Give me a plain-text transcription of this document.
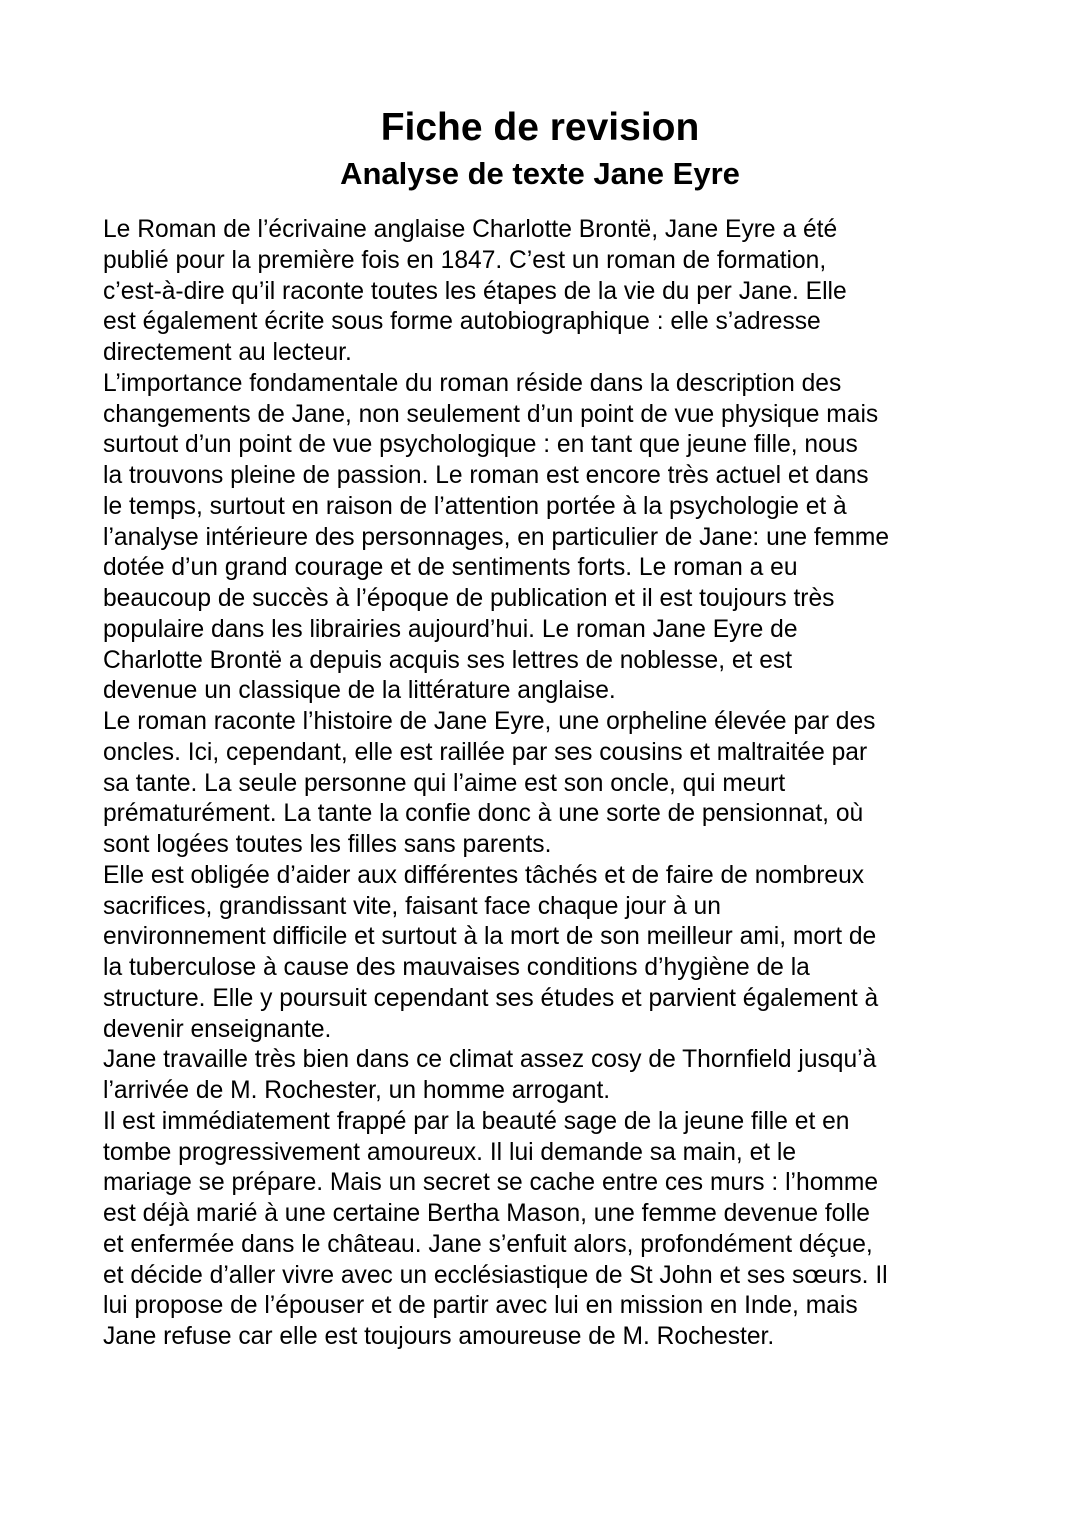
Fiche de revision
Analyse de texte Jane Eyre
Le Roman de l’écrivaine anglaise Charlotte Brontë, Jane Eyre a été
publié pour la première fois en 1847. C’est un roman de formation,
c’est-à-dire qu’il raconte toutes les étapes de la vie du per Jane. Elle
est également écrite sous forme autobiographique : elle s’adresse
directement au lecteur.
L’importance fondamentale du roman réside dans la description des
changements de Jane, non seulement d’un point de vue physique mais
surtout d’un point de vue psychologique : en tant que jeune fille, nous
la trouvons pleine de passion. Le roman est encore très actuel et dans
le temps, surtout en raison de l’attention portée à la psychologie et à
l’analyse intérieure des personnages, en particulier de Jane: une femme
dotée d’un grand courage et de sentiments forts. Le roman a eu
beaucoup de succès à l’époque de publication et il est toujours très
populaire dans les librairies aujourd’hui. Le roman Jane Eyre de
Charlotte Brontë a depuis acquis ses lettres de noblesse, et est
devenue un classique de la littérature anglaise.
Le roman raconte l’histoire de Jane Eyre, une orpheline élevée par des
oncles. Ici, cependant, elle est raillée par ses cousins et maltraitée par
sa tante. La seule personne qui l’aime est son oncle, qui meurt
prématurément. La tante la confie donc à une sorte de pensionnat, où
sont logées toutes les filles sans parents.
Elle est obligée d’aider aux différentes tâchés et de faire de nombreux
sacrifices, grandissant vite, faisant face chaque jour à un
environnement difficile et surtout à la mort de son meilleur ami, mort de
la tuberculose à cause des mauvaises conditions d’hygiène de la
structure. Elle y poursuit cependant ses études et parvient également à
devenir enseignante.
Jane travaille très bien dans ce climat assez cosy de Thornfield jusqu’à
l’arrivée de M. Rochester, un homme arrogant.
Il est immédiatement frappé par la beauté sage de la jeune fille et en
tombe progressivement amoureux. Il lui demande sa main, et le
mariage se prépare. Mais un secret se cache entre ces murs : l’homme
est déjà marié à une certaine Bertha Mason, une femme devenue folle
et enfermée dans le château. Jane s’enfuit alors, profondément déçue,
et décide d’aller vivre avec un ecclésiastique de St John et ses sœurs. Il
lui propose de l’épouser et de partir avec lui en mission en Inde, mais
Jane refuse car elle est toujours amoureuse de M. Rochester.
